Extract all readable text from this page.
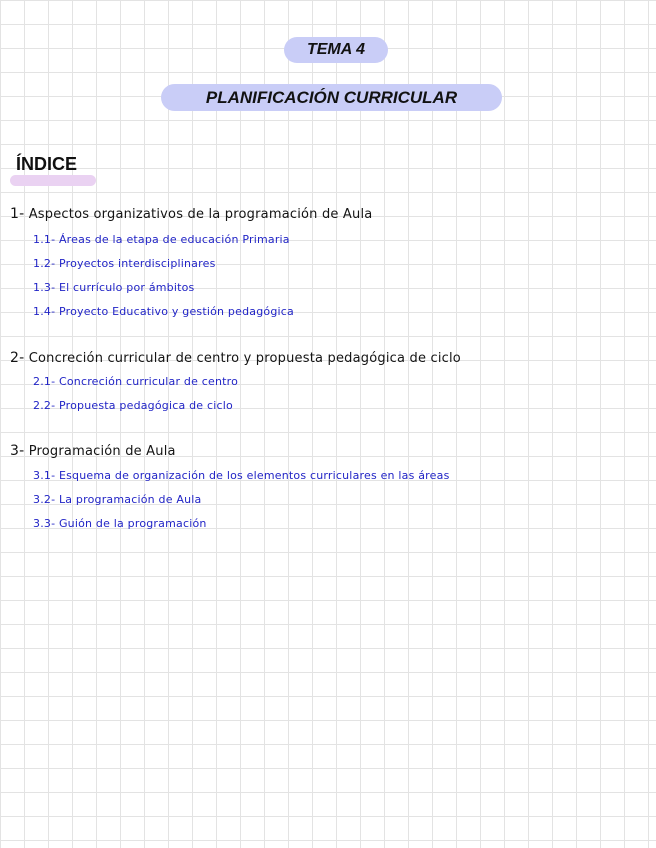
TEMA 4
PLANIFICACIÓN CURRICULAR
ÍNDICE
1- Aspectos organizativos de la programación de Aula
1.1- Áreas de la etapa de educación Primaria
1.2- Proyectos interdisciplinares
1.3- El currículo por ámbitos
1.4- Proyecto Educativo y gestión pedagógica
2- Concreción curricular de centro y propuesta pedagógica de ciclo
2.1- Concreción curricular de centro
2.2- Propuesta pedagógica de ciclo
3- Programación de Aula
3.1- Esquema de organización de los elementos curriculares en las áreas
3.2- La programación de Aula
3.3- Guión de la programación
